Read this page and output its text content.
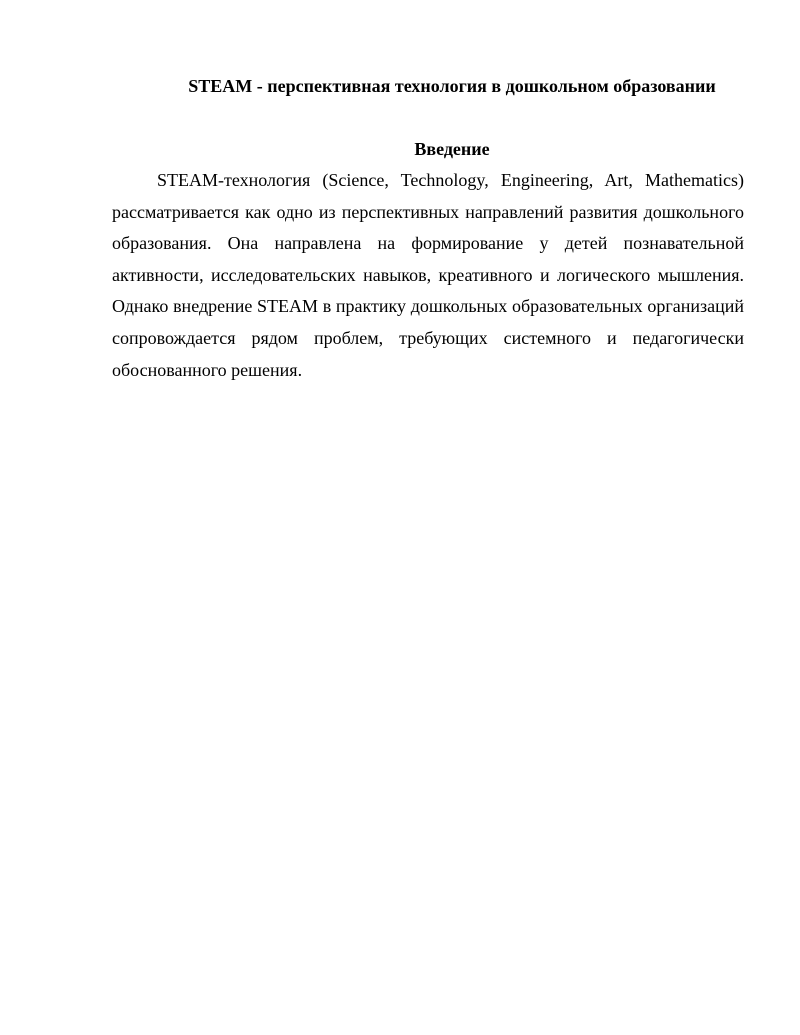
STEAM - перспективная технология в дошкольном образовании
Введение

STEAM-технология (Science, Technology, Engineering, Art, Mathematics) рассматривается как одно из перспективных направлений развития дошкольного образования. Она направлена на формирование у детей познавательной активности, исследовательских навыков, креативного и логического мышления. Однако внедрение STEAM в практику дошкольных образовательных организаций сопровождается рядом проблем, требующих системного и педагогически обоснованного решения.
